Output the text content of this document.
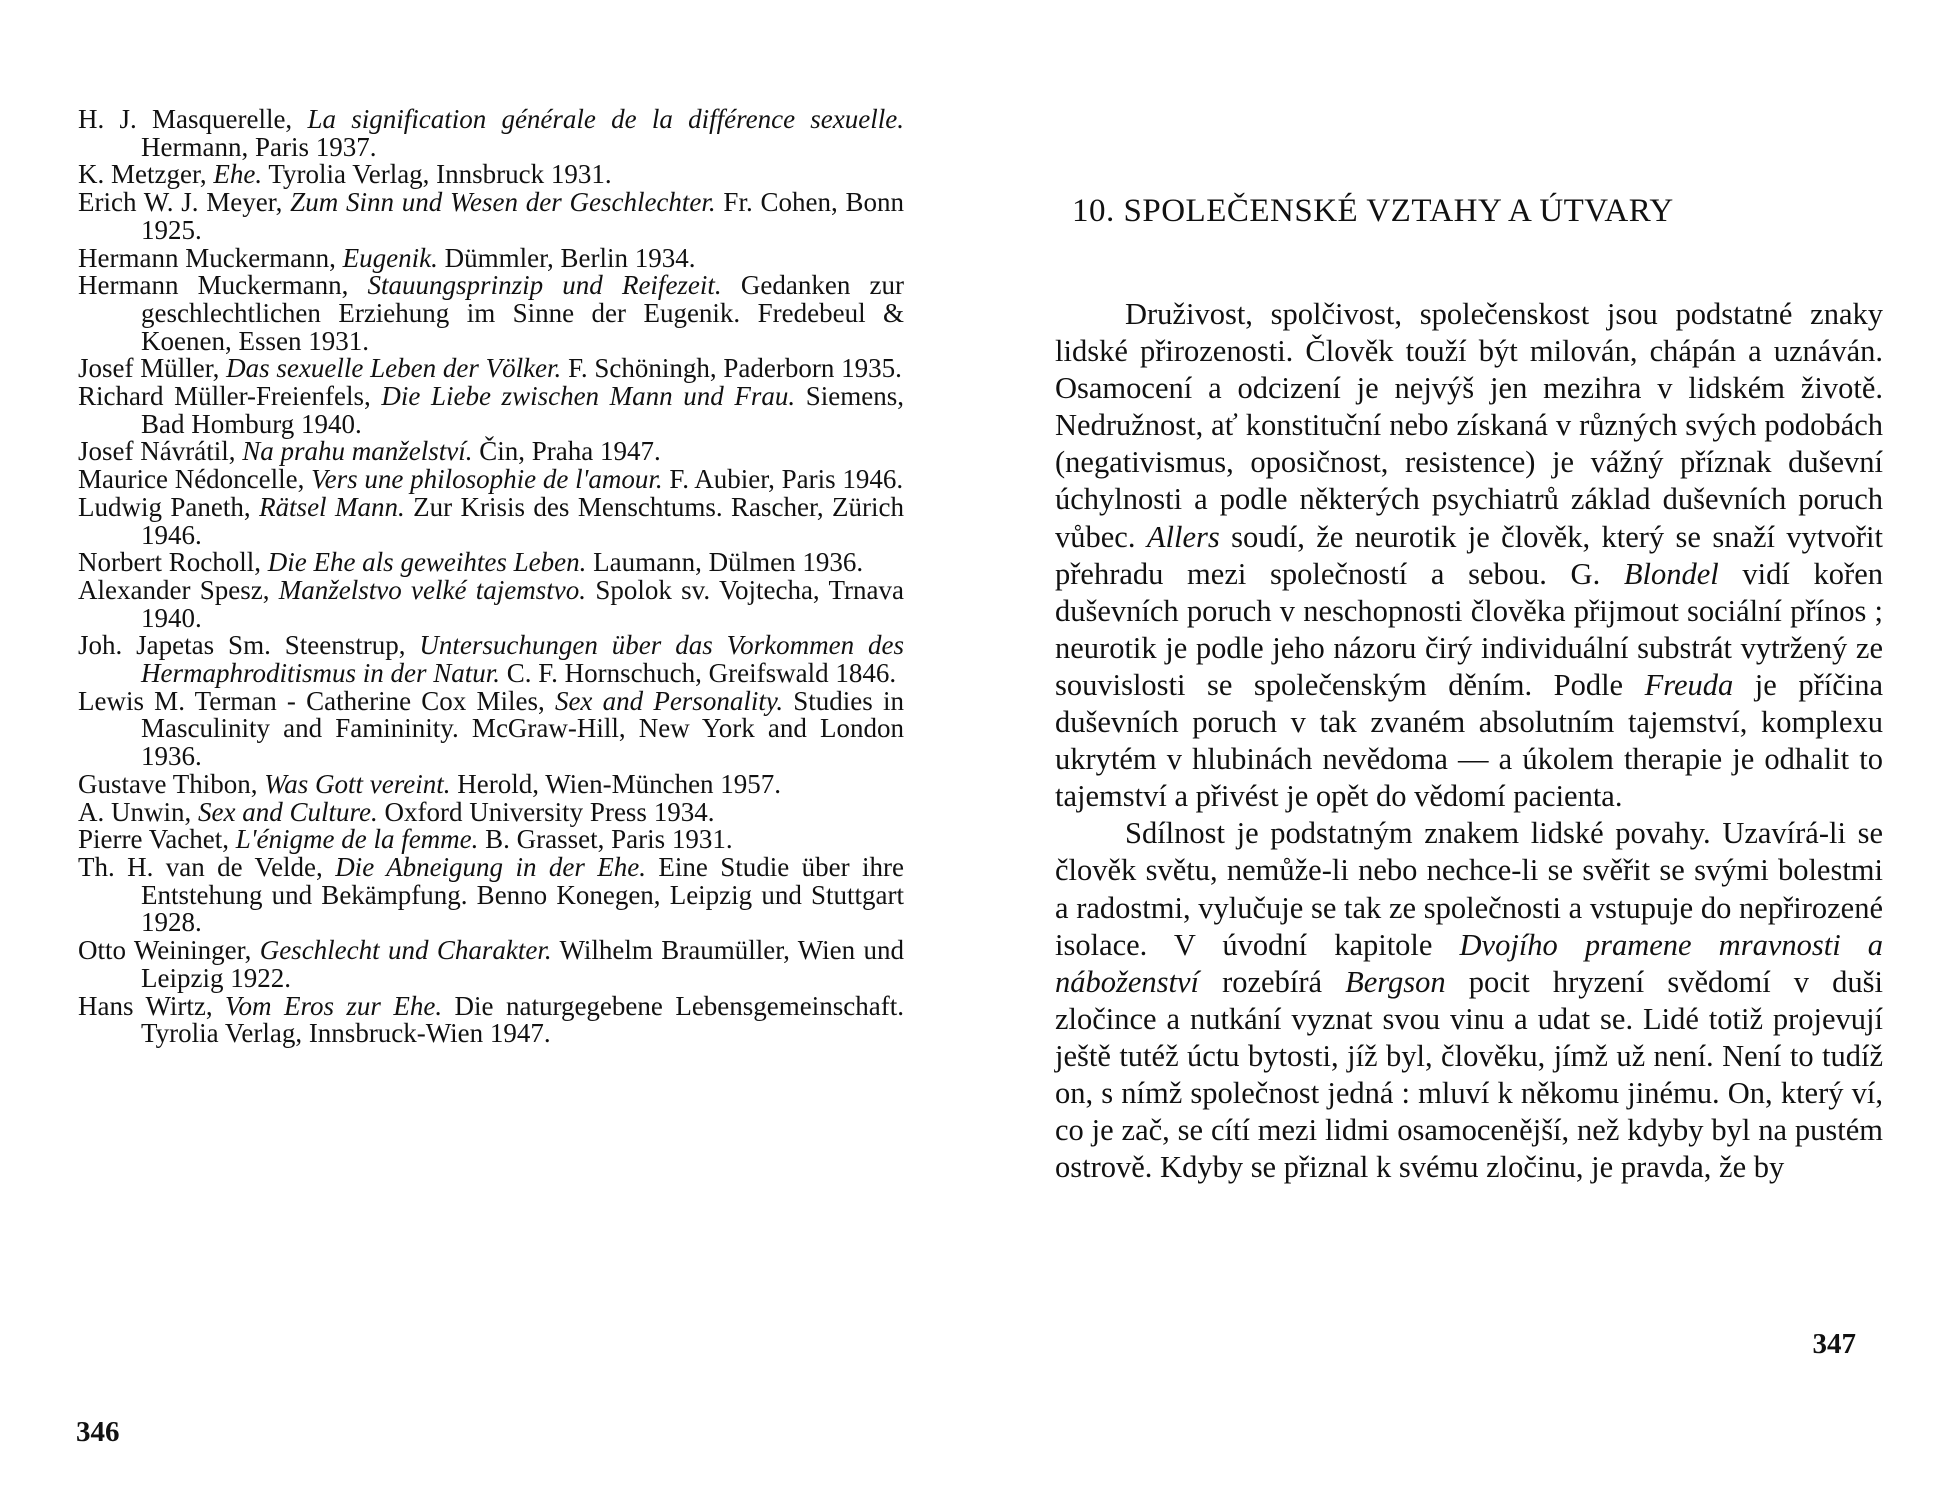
H. J. Masquerelle, La signification générale de la différence sexuelle. Hermann, Paris 1937.

K. Metzger, Ehe. Tyrolia Verlag, Innsbruck 1931.

Erich W. J. Meyer, Zum Sinn und Wesen der Geschlechter. Fr. Cohen, Bonn 1925.

Hermann Muckermann, Eugenik. Dümmler, Berlin 1934.

Hermann Muckermann, Stauungsprinzip und Reifezeit. Gedanken zur geschlechtlichen Erziehung im Sinne der Eugenik. Fredebeul & Koenen, Essen 1931.

Josef Müller, Das sexuelle Leben der Völker. F. Schöningh, Paderborn 1935.

Richard Müller-Freienfels, Die Liebe zwischen Mann und Frau. Siemens, Bad Homburg 1940.

Josef Návrátil, Na prahu manželství. Čin, Praha 1947.

Maurice Nédoncelle, Vers une philosophie de l'amour. F. Aubier, Paris 1946.

Ludwig Paneth, Rätsel Mann. Zur Krisis des Menschtums. Rascher, Zürich 1946.

Norbert Rocholl, Die Ehe als geweihtes Leben. Laumann, Dülmen 1936.

Alexander Spesz, Manželstvo velké tajemstvo. Spolok sv. Vojtecha, Trnava 1940.

Joh. Japetas Sm. Steenstrup, Untersuchungen über das Vorkommen des Hermaphroditismus in der Natur. C. F. Hornschuch, Greifswald 1846.

Lewis M. Terman - Catherine Cox Miles, Sex and Personality. Studies in Masculinity and Famininity. McGraw-Hill, New York and London 1936.

Gustave Thibon, Was Gott vereint. Herold, Wien-München 1957.

A. Unwin, Sex and Culture. Oxford University Press 1934.

Pierre Vachet, L'énigme de la femme. B. Grasset, Paris 1931.

Th. H. van de Velde, Die Abneigung in der Ehe. Eine Studie über ihre Entstehung und Bekämpfung. Benno Konegen, Leipzig und Stuttgart 1928.

Otto Weininger, Geschlecht und Charakter. Wilhelm Braumüller, Wien und Leipzig 1922.

Hans Wirtz, Vom Eros zur Ehe. Die naturgegebene Lebensgemeinschaft. Tyrolia Verlag, Innsbruck-Wien 1947.

346
10. SPOLEČENSKÉ VZTAHY A ÚTVARY

Druživost, spolčivost, společenskost jsou podstatné znaky lidské přirozenosti. Člověk touží být milován, chápán a uznáván. Osamocení a odcizení je nejvýš jen mezihra v lidském životě. Nedružnost, ať konstituční nebo získaná v různých svých podobách (negativismus, oposičnost, resistence) je vážný příznak duševní úchylnosti a podle některých psychiatrů základ duševních poruch vůbec. Allers soudí, že neurotik je člověk, který se snaží vytvořit přehradu mezi společností a sebou. G. Blondel vidí kořen duševních poruch v neschopnosti člověka přijmout sociální přínos ; neurotik je podle jeho názoru čirý individuální substrát vytržený ze souvislosti se společenským děním. Podle Freuda je příčina duševních poruch v tak zvaném absolutním tajemství, komplexu ukrytém v hlubinách nevědoma — a úkolem therapie je odhalit to tajemství a přivést je opět do vědomí pacienta.

Sdílnost je podstatným znakem lidské povahy. Uzavírá-li se člověk světu, nemůže-li nebo nechce-li se svěřit se svými bolestmi a radostmi, vylučuje se tak ze společnosti a vstupuje do nepřirozené isolace. V úvodní kapitole Dvojího pramene mravnosti a náboženství rozebírá Bergson pocit hryzení svědomí v duši zločince a nutkání vyznat svou vinu a udat se. Lidé totiž projevují ještě tutéž úctu bytosti, jíž byl, člověku, jímž už není. Není to tudíž on, s nímž společnost jedná : mluví k někomu jinému. On, který ví, co je zač, se cítí mezi lidmi osamocenější, než kdyby byl na pustém ostrově. Kdyby se přiznal k svému zločinu, je pravda, že by

347
